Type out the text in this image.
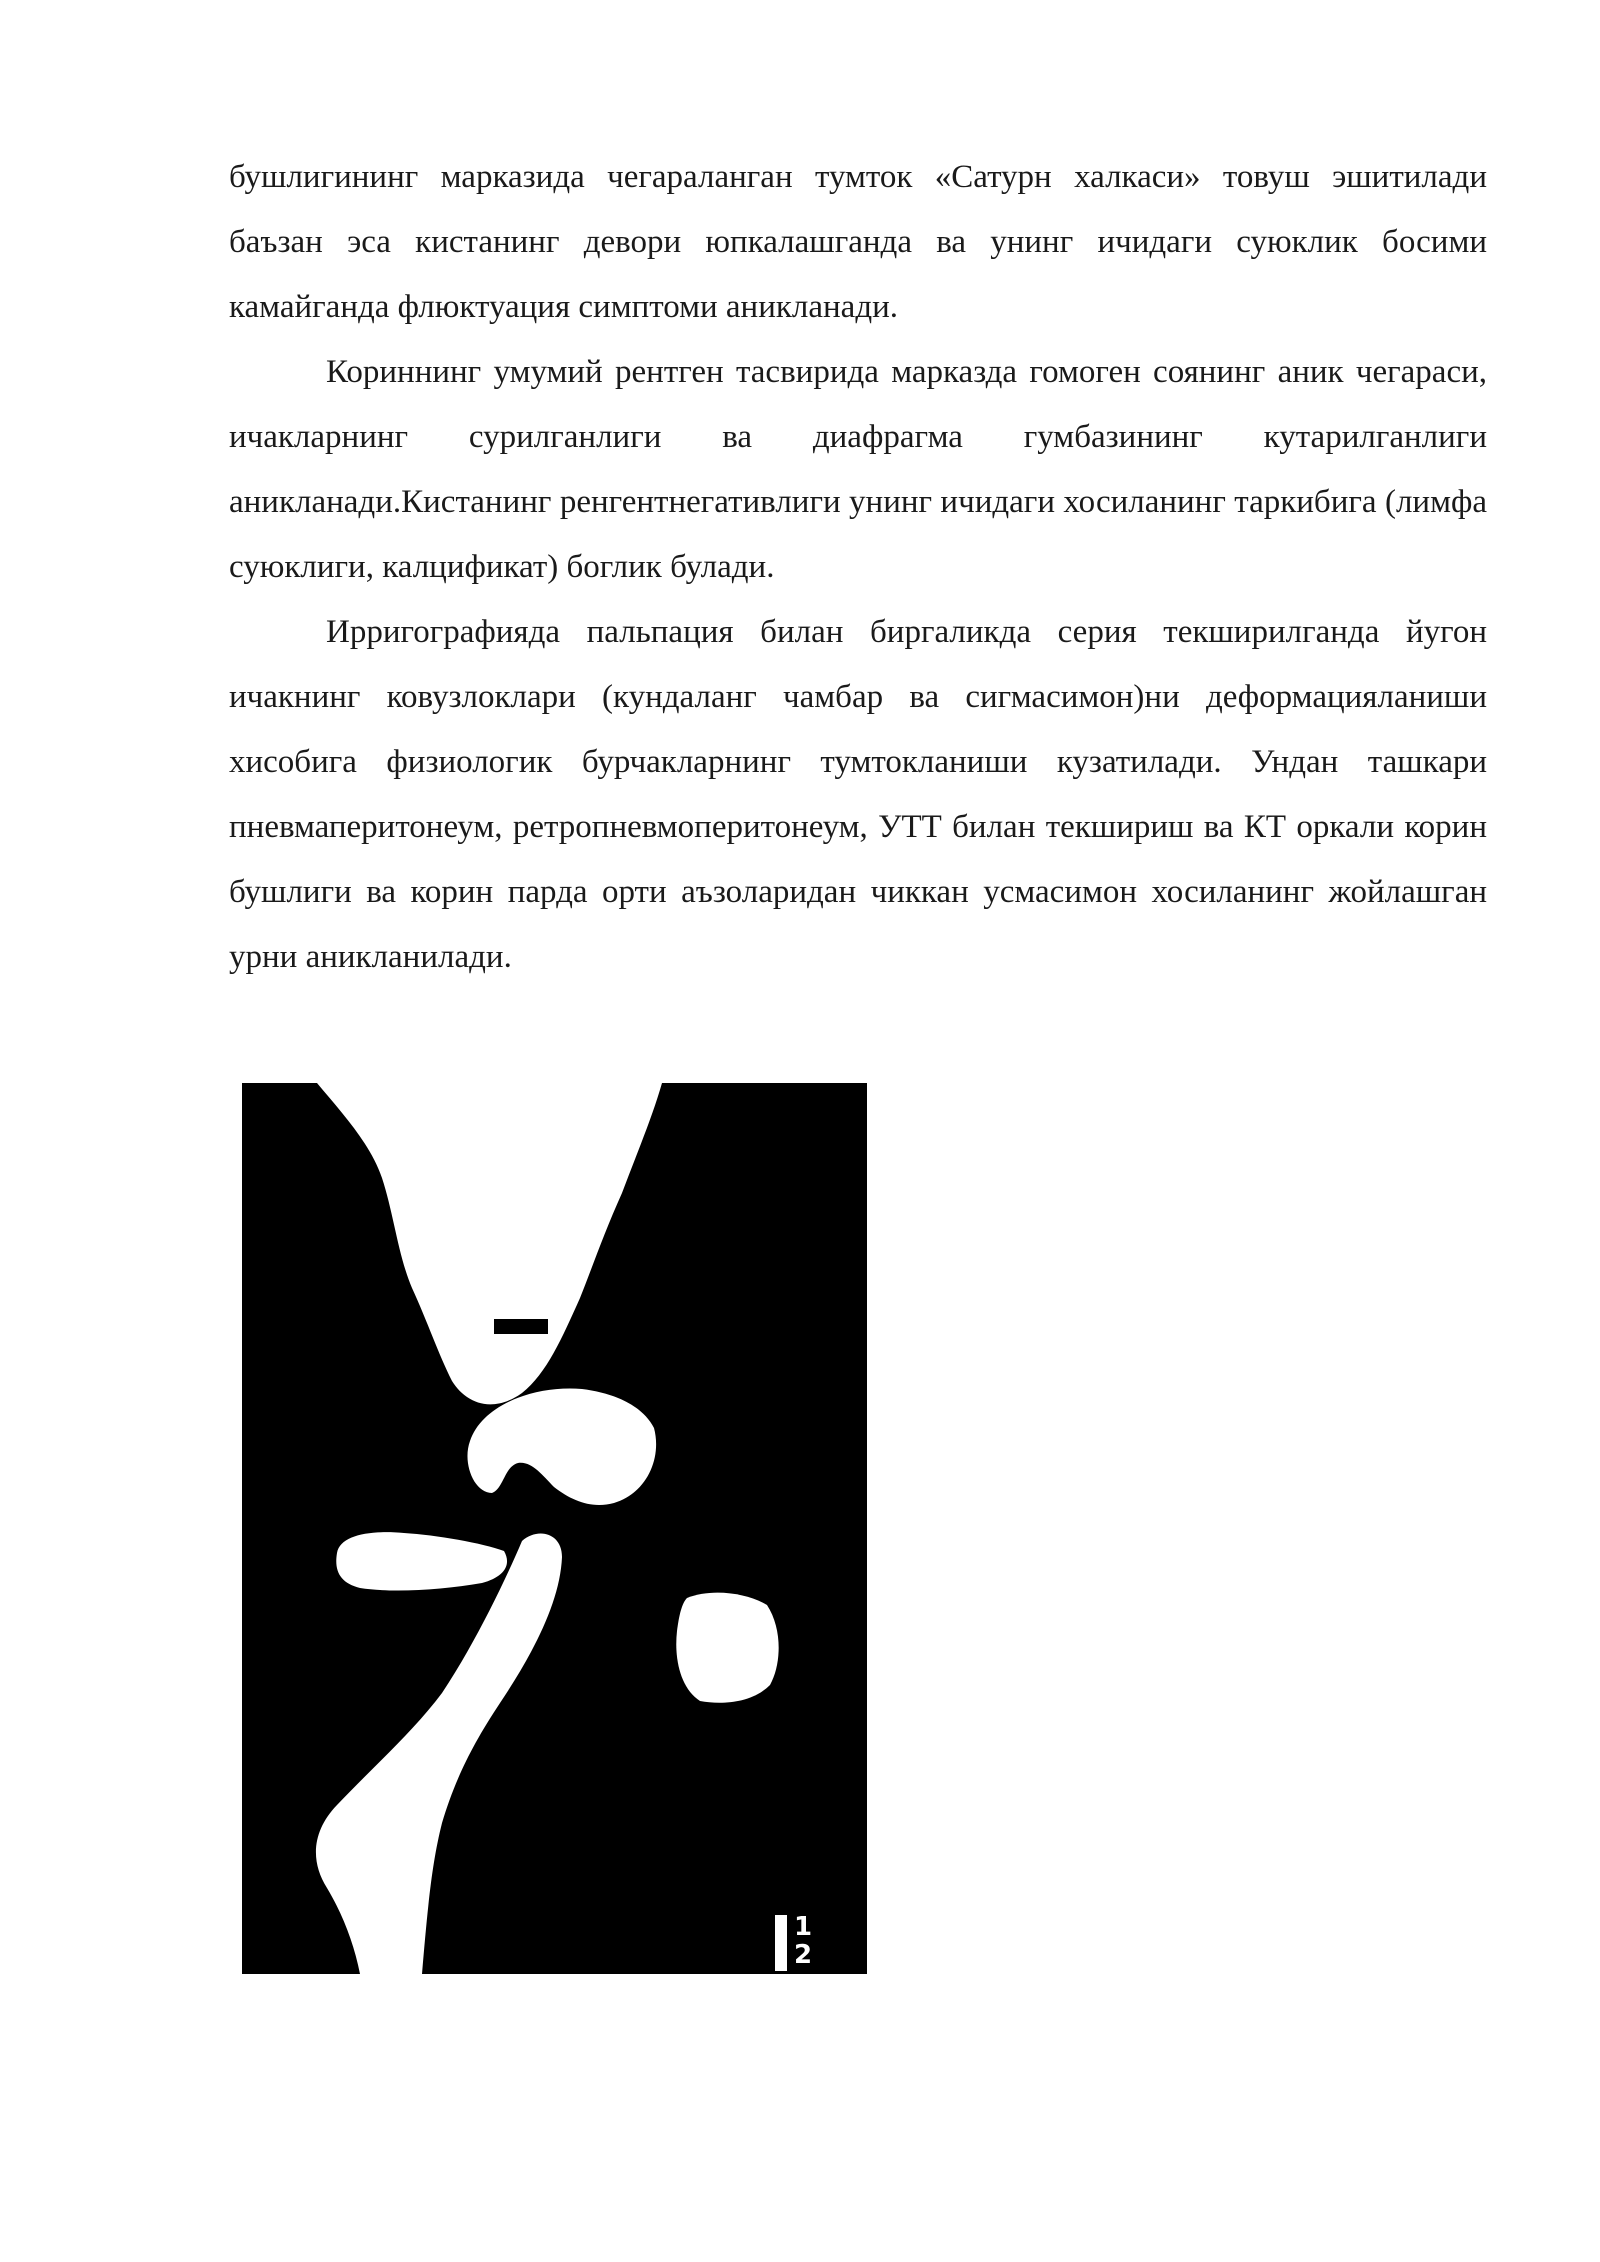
бушлигининг марказида чегараланган тумток «Сатурн халкаси» товуш эшитилади баъзан эса кистанинг девори юпкалашганда ва унинг ичидаги суюклик босими камайганда флюктуация симптоми аникланади.

Кориннинг умумий рентген тасвирида марказда гомоген соянинг аник чегараси, ичакларнинг сурилганлиги ва диафрагма гумбазининг кутарилганлиги аникланади.Кистанинг ренгентнегативлиги унинг ичидаги хосиланинг таркибига (лимфа суюклиги, калцификат) боглик булади.

Ирригографияда пальпация билан биргаликда серия текширилганда йугон ичакнинг ковузлоклари (кундаланг чамбар ва сигмасимон)ни деформацияланиши хисобига физиологик бурчакларнинг тумтокланиши кузатилади. Ундан ташкари пневмаперитонеум, ретропневмоперитонеум, УТТ билан текшириш ва КТ оркали корин бушлиги ва корин парда орти аъзоларидан чиккан усмасимон хосиланинг жойлашган урни аникланилади.

1
2
